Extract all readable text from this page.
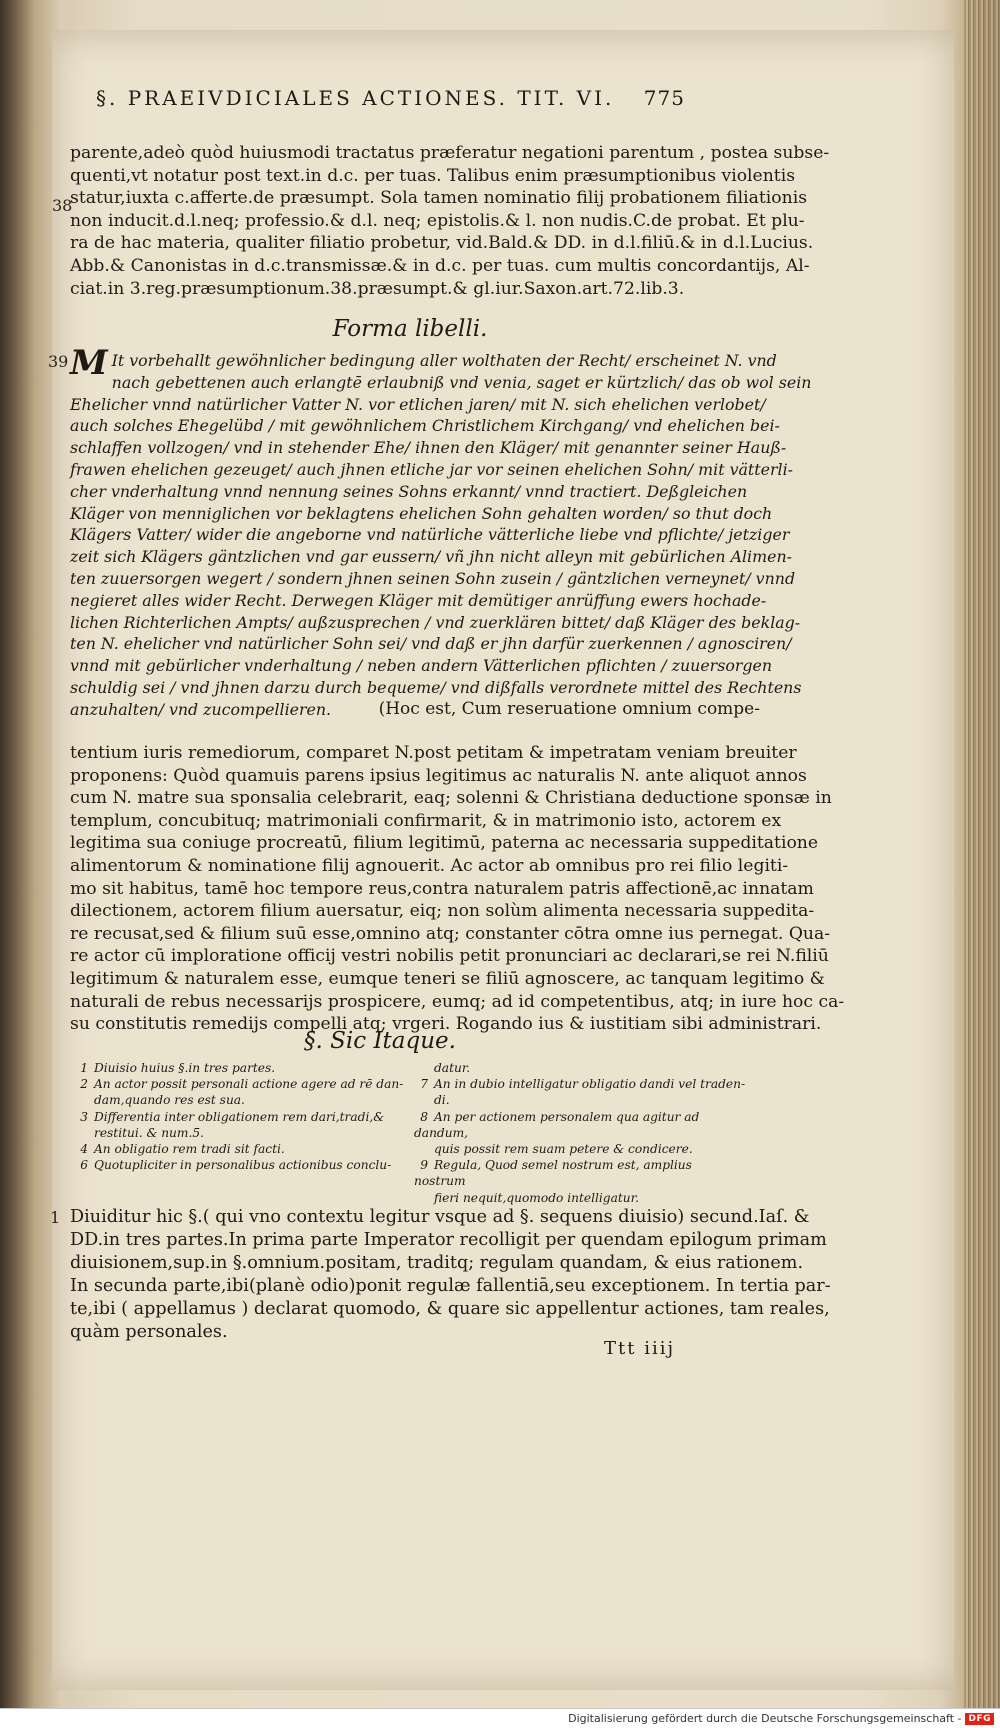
§. PRAEIVDICIALES ACTIONES. TIT. VI. 775
38
parente,adeò quòd huiusmodi tractatus præferatur negationi parentum , postea subse-
quenti,vt notatur post text.in d.c. per tuas. Talibus enim præsumptionibus violentis
statur,iuxta c.afferte.de præsumpt. Sola tamen nominatio filij probationem filiationis
non inducit.d.l.neq; professio.& d.l. neq; epistolis.& l. non nudis.C.de probat. Et plu-
ra de hac materia, qualiter filiatio probetur, vid.Bald.& DD. in d.l.filiū.& in d.l.Lucius.
Abb.& Canonistas in d.c.transmissæ.& in d.c. per tuas. cum multis concordantijs, Al-
ciat.in 3.reg.præsumptionum.38.præsumpt.& gl.iur.Saxon.art.72.lib.3.
Forma libelli.
39 M It vorbehallt gewöhnlicher bedingung aller wolthaten der Recht/ erscheinet N. vnd
nach gebettenen auch erlangtē erlaubniß vnd venia, saget er kürtzlich/ das ob wol sein
Ehelicher vnnd natürlicher Vatter N. vor etlichen jaren/ mit N. sich ehelichen verlobet/
auch solches Ehegelübd / mit gewöhnlichem Christlichem Kirchgang/ vnd ehelichen bei-
schlaffen vollzogen/ vnd in stehender Ehe/ ihnen den Kläger/ mit genannter seiner Hauß-
frawen ehelichen gezeuget/ auch jhnen etliche jar vor seinen ehelichen Sohn/ mit vätterli-
cher vnderhaltung vnnd nennung seines Sohns erkannt/ vnnd tractiert. Deßgleichen
Kläger von menniglichen vor beklagtens ehelichen Sohn gehalten worden/ so thut doch
Klägers Vatter/ wider die angeborne vnd natürliche vätterliche liebe vnd pflichte/ jetziger
zeit sich Klägers gäntzlichen vnd gar eussern/ vñ jhn nicht alleyn mit gebürlichen Alimen-
ten zuuersorgen wegert / sondern jhnen seinen Sohn zusein / gäntzlichen verneynet/ vnnd
negieret alles wider Recht. Derwegen Kläger mit demütiger anrüffung ewers hochade-
lichen Richterlichen Ampts/ außzusprechen / vnd zuerklären bittet/ daß Kläger des beklag-
ten N. ehelicher vnd natürlicher Sohn sei/ vnd daß er jhn darfür zuerkennen / agnosciren/
vnnd mit gebürlicher vnderhaltung / neben andern Vätterlichen pflichten / zuuersorgen
schuldig sei / vnd jhnen darzu durch bequeme/ vnd dißfalls verordnete mittel des Rechtens
anzuhalten/ vnd zucompellieren.	(Hoc est, Cum reseruatione omnium compe-
tentium iuris remediorum, comparet N.post petitam & impetratam veniam breuiter
proponens: Quòd quamuis parens ipsius legitimus ac naturalis N. ante aliquot annos
cum N. matre sua sponsalia celebrarit, eaq; solenni & Christiana deductione sponsæ in
templum, concubituq; matrimoniali confirmarit, & in matrimonio isto, actorem ex
legitima sua coniuge procreatū, filium legitimū, paterna ac necessaria suppeditatione
alimentorum & nominatione filij agnouerit. Ac actor ab omnibus pro rei filio legiti-
mo sit habitus, tamē hoc tempore reus,contra naturalem patris affectionē,ac innatam
dilectionem, actorem filium auersatur, eiq; non solùm alimenta necessaria suppedita-
re recusat,sed & filium suū esse,omnino atq; constanter cōtra omne ius pernegat. Qua-
re actor cū imploratione officij vestri nobilis petit pronunciari ac declarari,se rei N.filiū
legitimum & naturalem esse, eumque teneri se filiū agnoscere, ac tanquam legitimo &
naturali de rebus necessarijs prospicere, eumq; ad id competentibus, atq; in iure hoc ca-
su constitutis remedijs compelli atq; vrgeri. Rogando ius & iustitiam sibi administrari.
§. Sic Itaque.
1 Diuisio huius §.in tres partes.
2 An actor possit personali actione agere ad rē dan-
dam,quando res est sua.
3 Differentia inter obligationem rem dari,tradi,&
restitui. & num.5.
4 An obligatio rem tradi sit facti.
6 Quotupliciter in personalibus actionibus conclu-
datur.
7 An in dubio intelligatur obligatio dandi vel traden-
di.
8 An per actionem personalem qua agitur ad dandum,
quis possit rem suam petere & condicere.
9 Regula, Quod semel nostrum est, amplius nostrum
fieri nequit,quomodo intelligatur.
1 Diuiditur hic §.( qui vno contextu legitur vsque ad §. sequens diuisio) secund.Iaſ. &
DD.in tres partes.In prima parte Imperator recolligit per quendam epilogum primam
diuisionem,sup.in §.omnium.positam, traditq; regulam quandam, & eius rationem.
In secunda parte,ibi(planè odio)ponit regulæ fallentiā,seu exceptionem. In tertia par-
te,ibi ( appellamus ) declarat quomodo, & quare sic appellentur actiones, tam reales,
quàm personales.
Ttt iiij
Digitalisierung gefördert durch die Deutsche Forschungsgemeinschaft - DFG
